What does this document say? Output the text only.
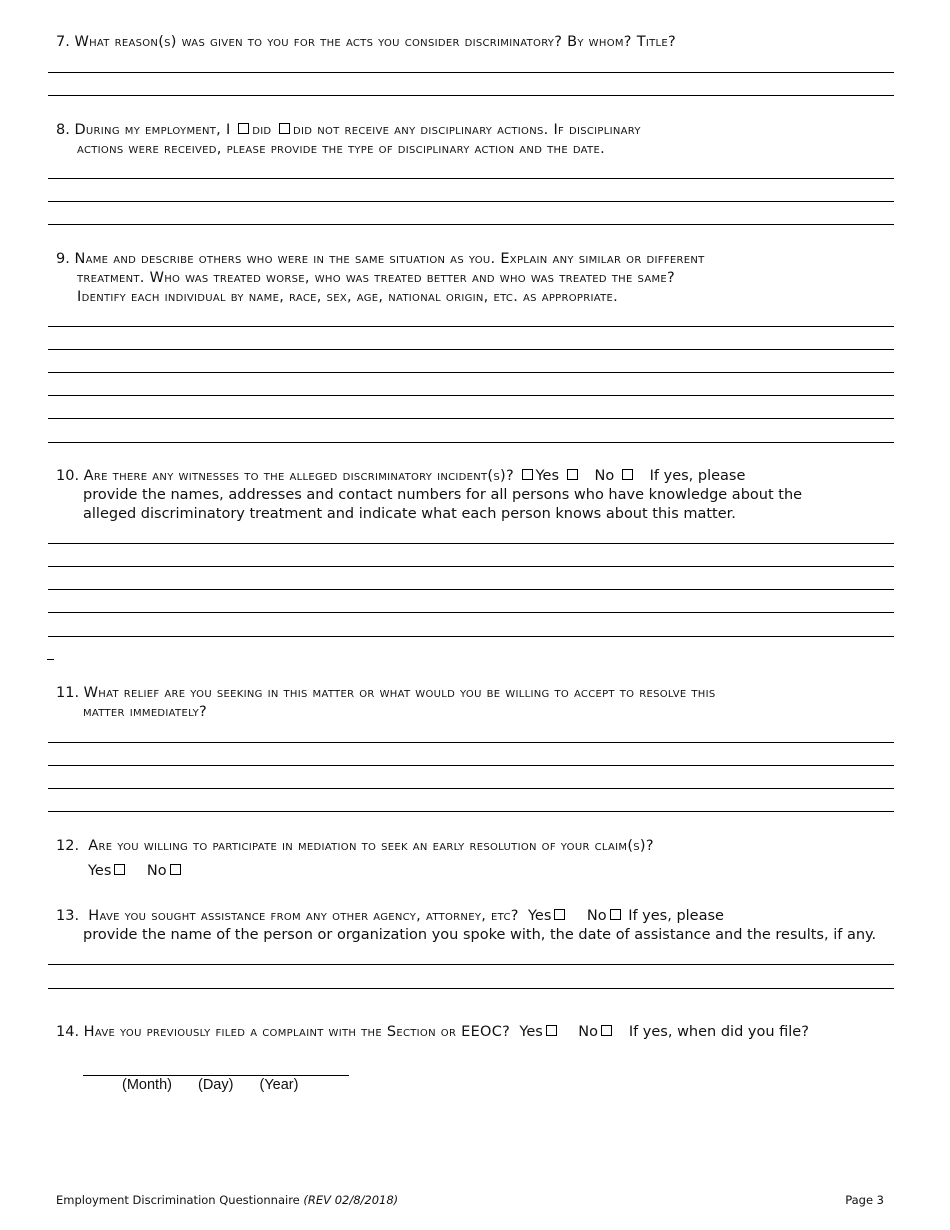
7. What reason(s) was given to you for the acts you consider discriminatory? By whom? Title?
8. During my employment, I did did not receive any disciplinary actions. If disciplinary
actions were received, please provide the type of disciplinary action and the date.
9. Name and describe others who were in the same situation as you. Explain any similar or different
treatment. Who was treated worse, who was treated better and who was treated the same?
Identify each individual by name, race, sex, age, national origin, etc. as appropriate.
10. Are there any witnesses to the alleged discriminatory incident(s)? Yes No If yes, please
provide the names, addresses and contact numbers for all persons who have knowledge about the
alleged discriminatory treatment and indicate what each person knows about this matter.
11. What relief are you seeking in this matter or what would you be willing to accept to resolve this
matter immediately?
12. Are you willing to participate in mediation to seek an early resolution of your claim(s)?
Yes No
13. Have you sought assistance from any other agency, attorney, etc? Yes No If yes, please
provide the name of the person or organization you spoke with, the date of assistance and the results, if any.
14. Have you previously filed a complaint with the Section or EEOC? Yes No If yes, when did you file?
(Month) (Day) (Year)
Employment Discrimination Questionnaire (REV 02/8/2018)	Page 3
